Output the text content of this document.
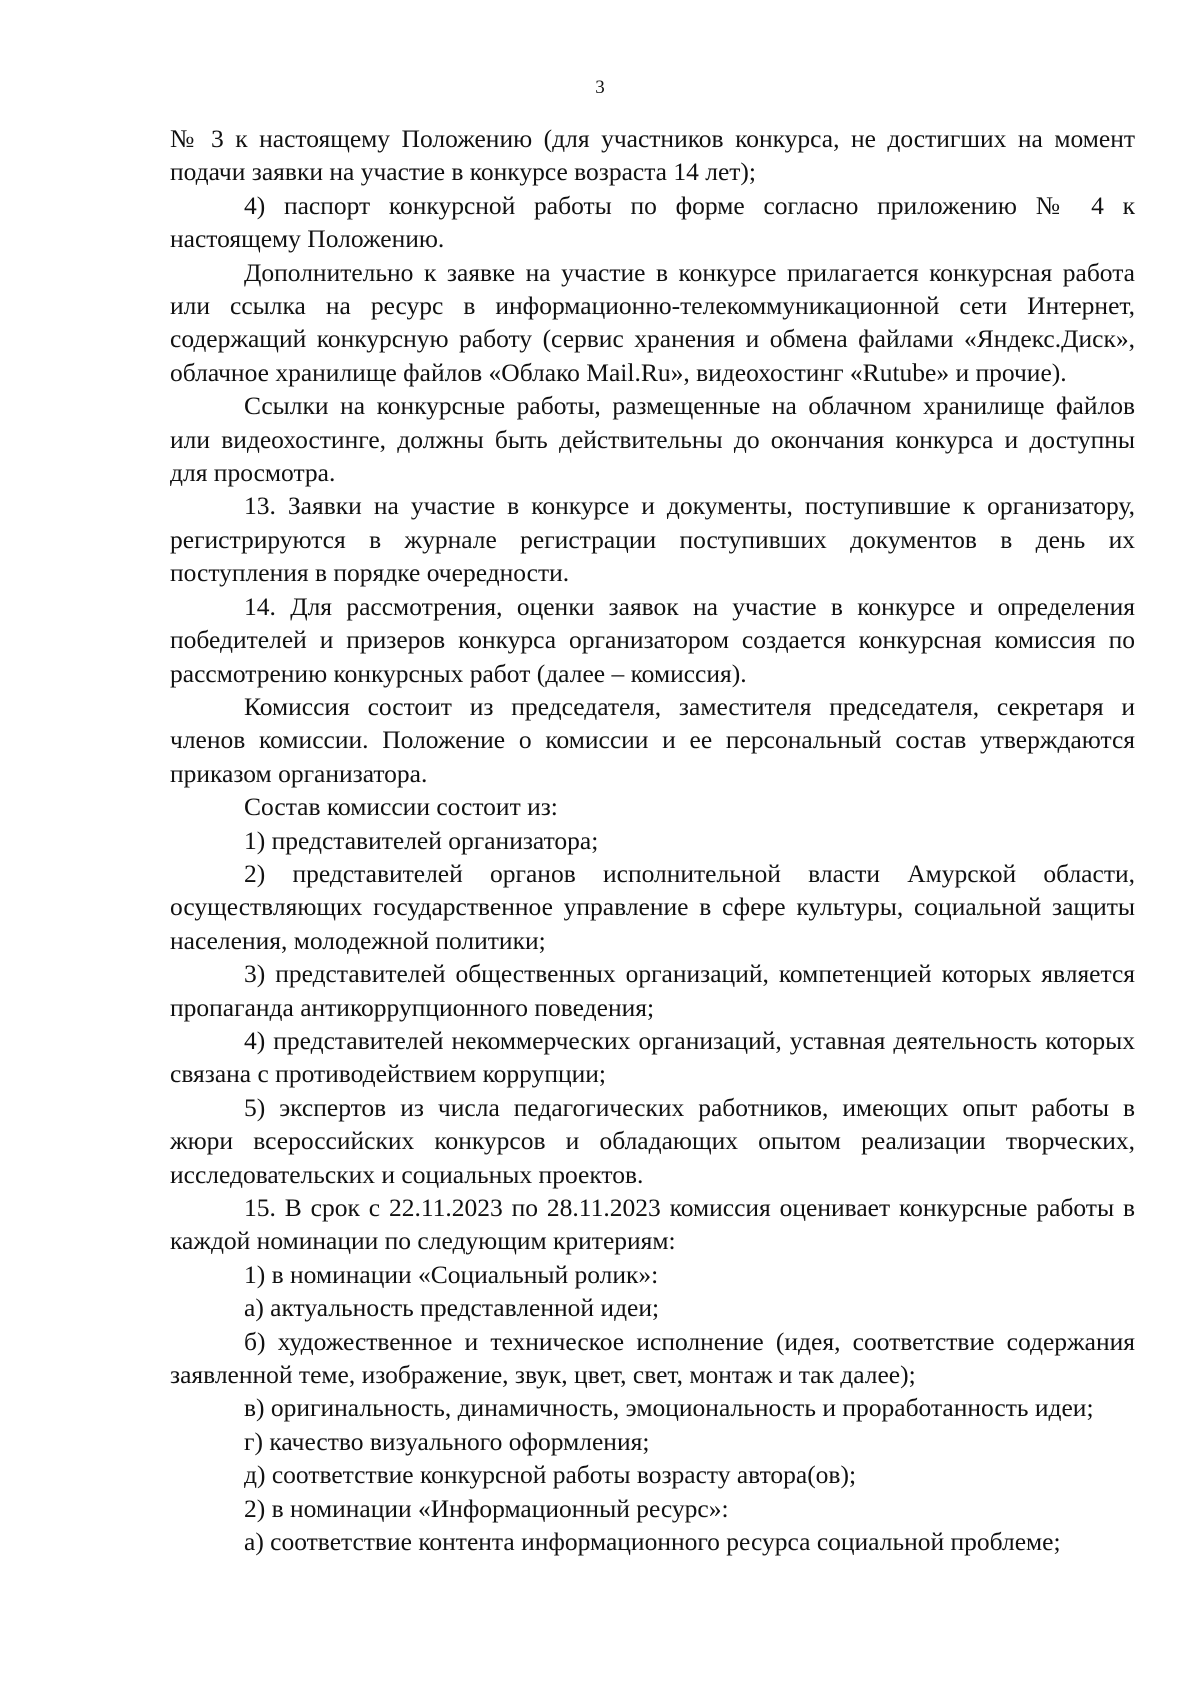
3

№ 3 к настоящему Положению (для участников конкурса, не достигших на момент подачи заявки на участие в конкурсе возраста 14 лет);

4) паспорт конкурсной работы по форме согласно приложению № 4 к настоящему Положению.

Дополнительно к заявке на участие в конкурсе прилагается конкурсная работа или ссылка на ресурс в информационно-телекоммуникационной сети Интернет, содержащий конкурсную работу (сервис хранения и обмена файлами «Яндекс.Диск», облачное хранилище файлов «Облако Mail.Ru», видеохостинг «Rutube» и прочие).

Ссылки на конкурсные работы, размещенные на облачном хранилище файлов или видеохостинге, должны быть действительны до окончания конкурса и доступны для просмотра.

13. Заявки на участие в конкурсе и документы, поступившие к организатору, регистрируются в журнале регистрации поступивших документов в день их поступления в порядке очередности.

14. Для рассмотрения, оценки заявок на участие в конкурсе и определения победителей и призеров конкурса организатором создается конкурсная комиссия по рассмотрению конкурсных работ (далее – комиссия).

Комиссия состоит из председателя, заместителя председателя, секретаря и членов комиссии. Положение о комиссии и ее персональный состав утверждаются приказом организатора.

Состав комиссии состоит из:

1) представителей организатора;

2) представителей органов исполнительной власти Амурской области, осуществляющих государственное управление в сфере культуры, социальной защиты населения, молодежной политики;

3) представителей общественных организаций, компетенцией которых является пропаганда антикоррупционного поведения;

4) представителей некоммерческих организаций, уставная деятельность которых связана с противодействием коррупции;

5) экспертов из числа педагогических работников, имеющих опыт работы в жюри всероссийских конкурсов и обладающих опытом реализации творческих, исследовательских и социальных проектов.

15. В срок с 22.11.2023 по 28.11.2023 комиссия оценивает конкурсные работы в каждой номинации по следующим критериям:

1) в номинации «Социальный ролик»:

а) актуальность представленной идеи;

б) художественное и техническое исполнение (идея, соответствие содержания заявленной теме, изображение, звук, цвет, свет, монтаж и так далее);

в) оригинальность, динамичность, эмоциональность и проработанность идеи;

г) качество визуального оформления;

д) соответствие конкурсной работы возрасту автора(ов);

2) в номинации «Информационный ресурс»:

а) соответствие контента информационного ресурса социальной проблеме;
